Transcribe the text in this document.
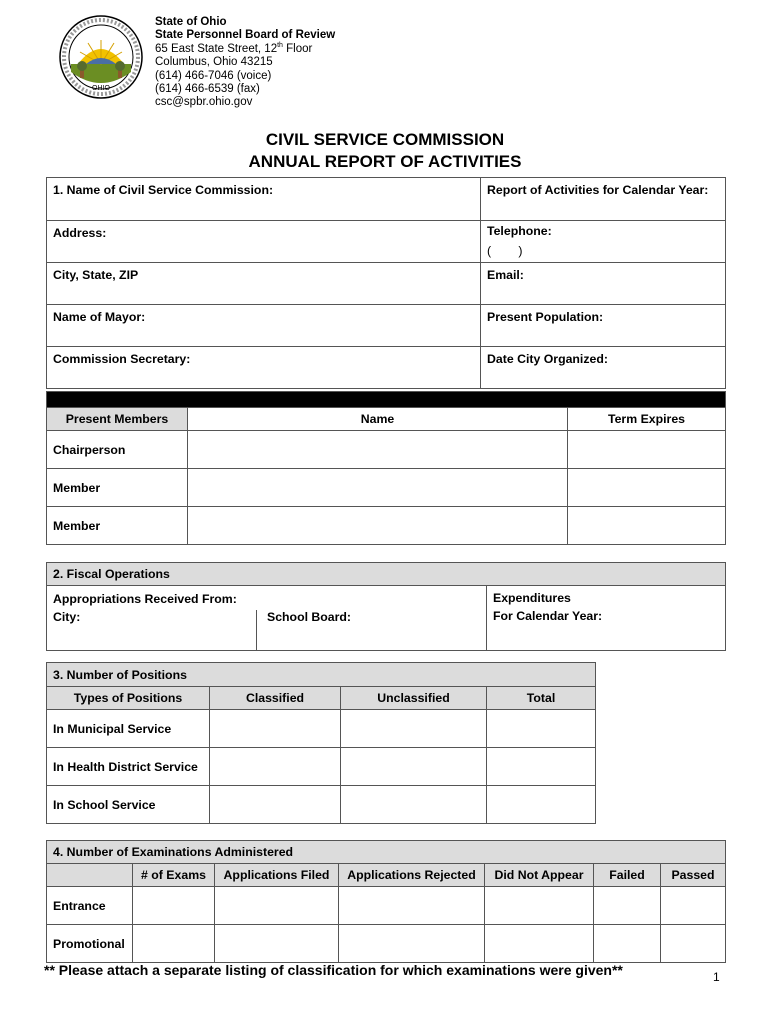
OHIO
State of Ohio
State Personnel Board of Review
65 East State Street, 12th Floor
Columbus, Ohio 43215
(614) 466-7046 (voice)
(614) 466-6539 (fax)
csc@spbr.ohio.gov
CIVIL SERVICE COMMISSION
ANNUAL REPORT OF ACTIVITIES
1. Name of Civil Service Commission:	Report of Activities for Calendar Year:
Address:	Telephone:
(        )

City, State, ZIP	Email:
Name of Mayor:	Present Population:
Commission Secretary:	Date City Organized:

Present Members	Name	Term Expires
Chairperson		
Member		
Member		
2. Fiscal Operations

Appropriations Received From:
City:	School Board:

Expenditures
For Calendar Year:
3. Number of Positions			
Types of Positions	Classified	Unclassified	Total
In Municipal Service			
In Health District Service			
In School Service			
4. Number of Examinations Administered						
	# of Exams	Applications Filed	Applications Rejected	Did Not Appear	Failed	Passed
Entrance						
Promotional						
** Please attach a separate listing of classification for which examinations were given**	1
